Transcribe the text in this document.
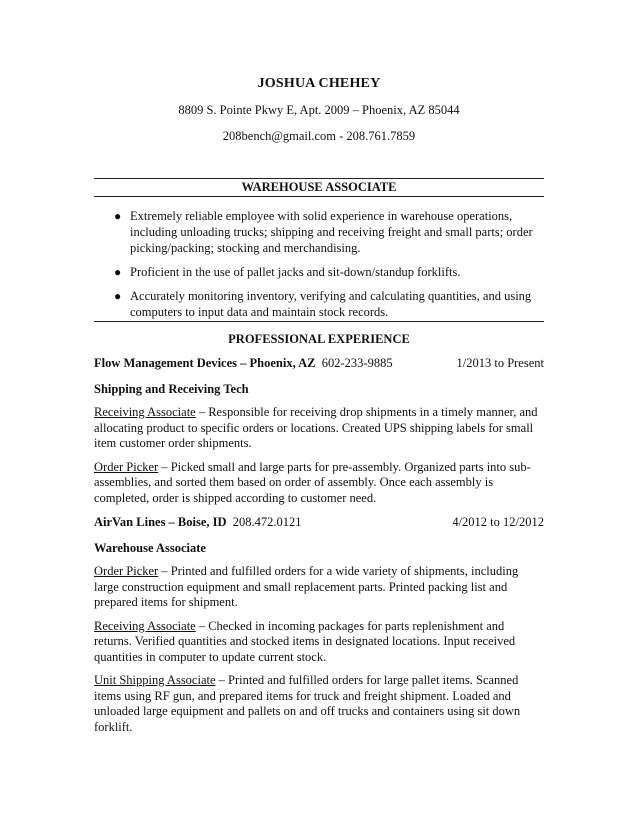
JOSHUA CHEHEY
8809 S. Pointe Pkwy E, Apt. 2009 – Phoenix, AZ 85044
208bench@gmail.com - 208.761.7859
WAREHOUSE ASSOCIATE
● Extremely reliable employee with solid experience in warehouse operations, including unloading trucks; shipping and receiving freight and small parts; order picking/packing; stocking and merchandising.
● Proficient in the use of pallet jacks and sit-down/standup forklifts.
● Accurately monitoring inventory, verifying and calculating quantities, and using computers to input data and maintain stock records.
PROFESSIONAL EXPERIENCE
Flow Management Devices – Phoenix, AZ 602-233-9885	1/2013 to Present
Shipping and Receiving Tech
Receiving Associate – Responsible for receiving drop shipments in a timely manner, and allocating product to specific orders or locations. Created UPS shipping labels for small item customer order shipments.
Order Picker – Picked small and large parts for pre-assembly. Organized parts into sub-assemblies, and sorted them based on order of assembly. Once each assembly is completed, order is shipped according to customer need.
AirVan Lines – Boise, ID 208.472.0121	4/2012 to 12/2012
Warehouse Associate
Order Picker – Printed and fulfilled orders for a wide variety of shipments, including large construction equipment and small replacement parts. Printed packing list and prepared items for shipment.
Receiving Associate – Checked in incoming packages for parts replenishment and returns. Verified quantities and stocked items in designated locations. Input received quantities in computer to update current stock.
Unit Shipping Associate – Printed and fulfilled orders for large pallet items. Scanned items using RF gun, and prepared items for truck and freight shipment. Loaded and unloaded large equipment and pallets on and off trucks and containers using sit down forklift.
